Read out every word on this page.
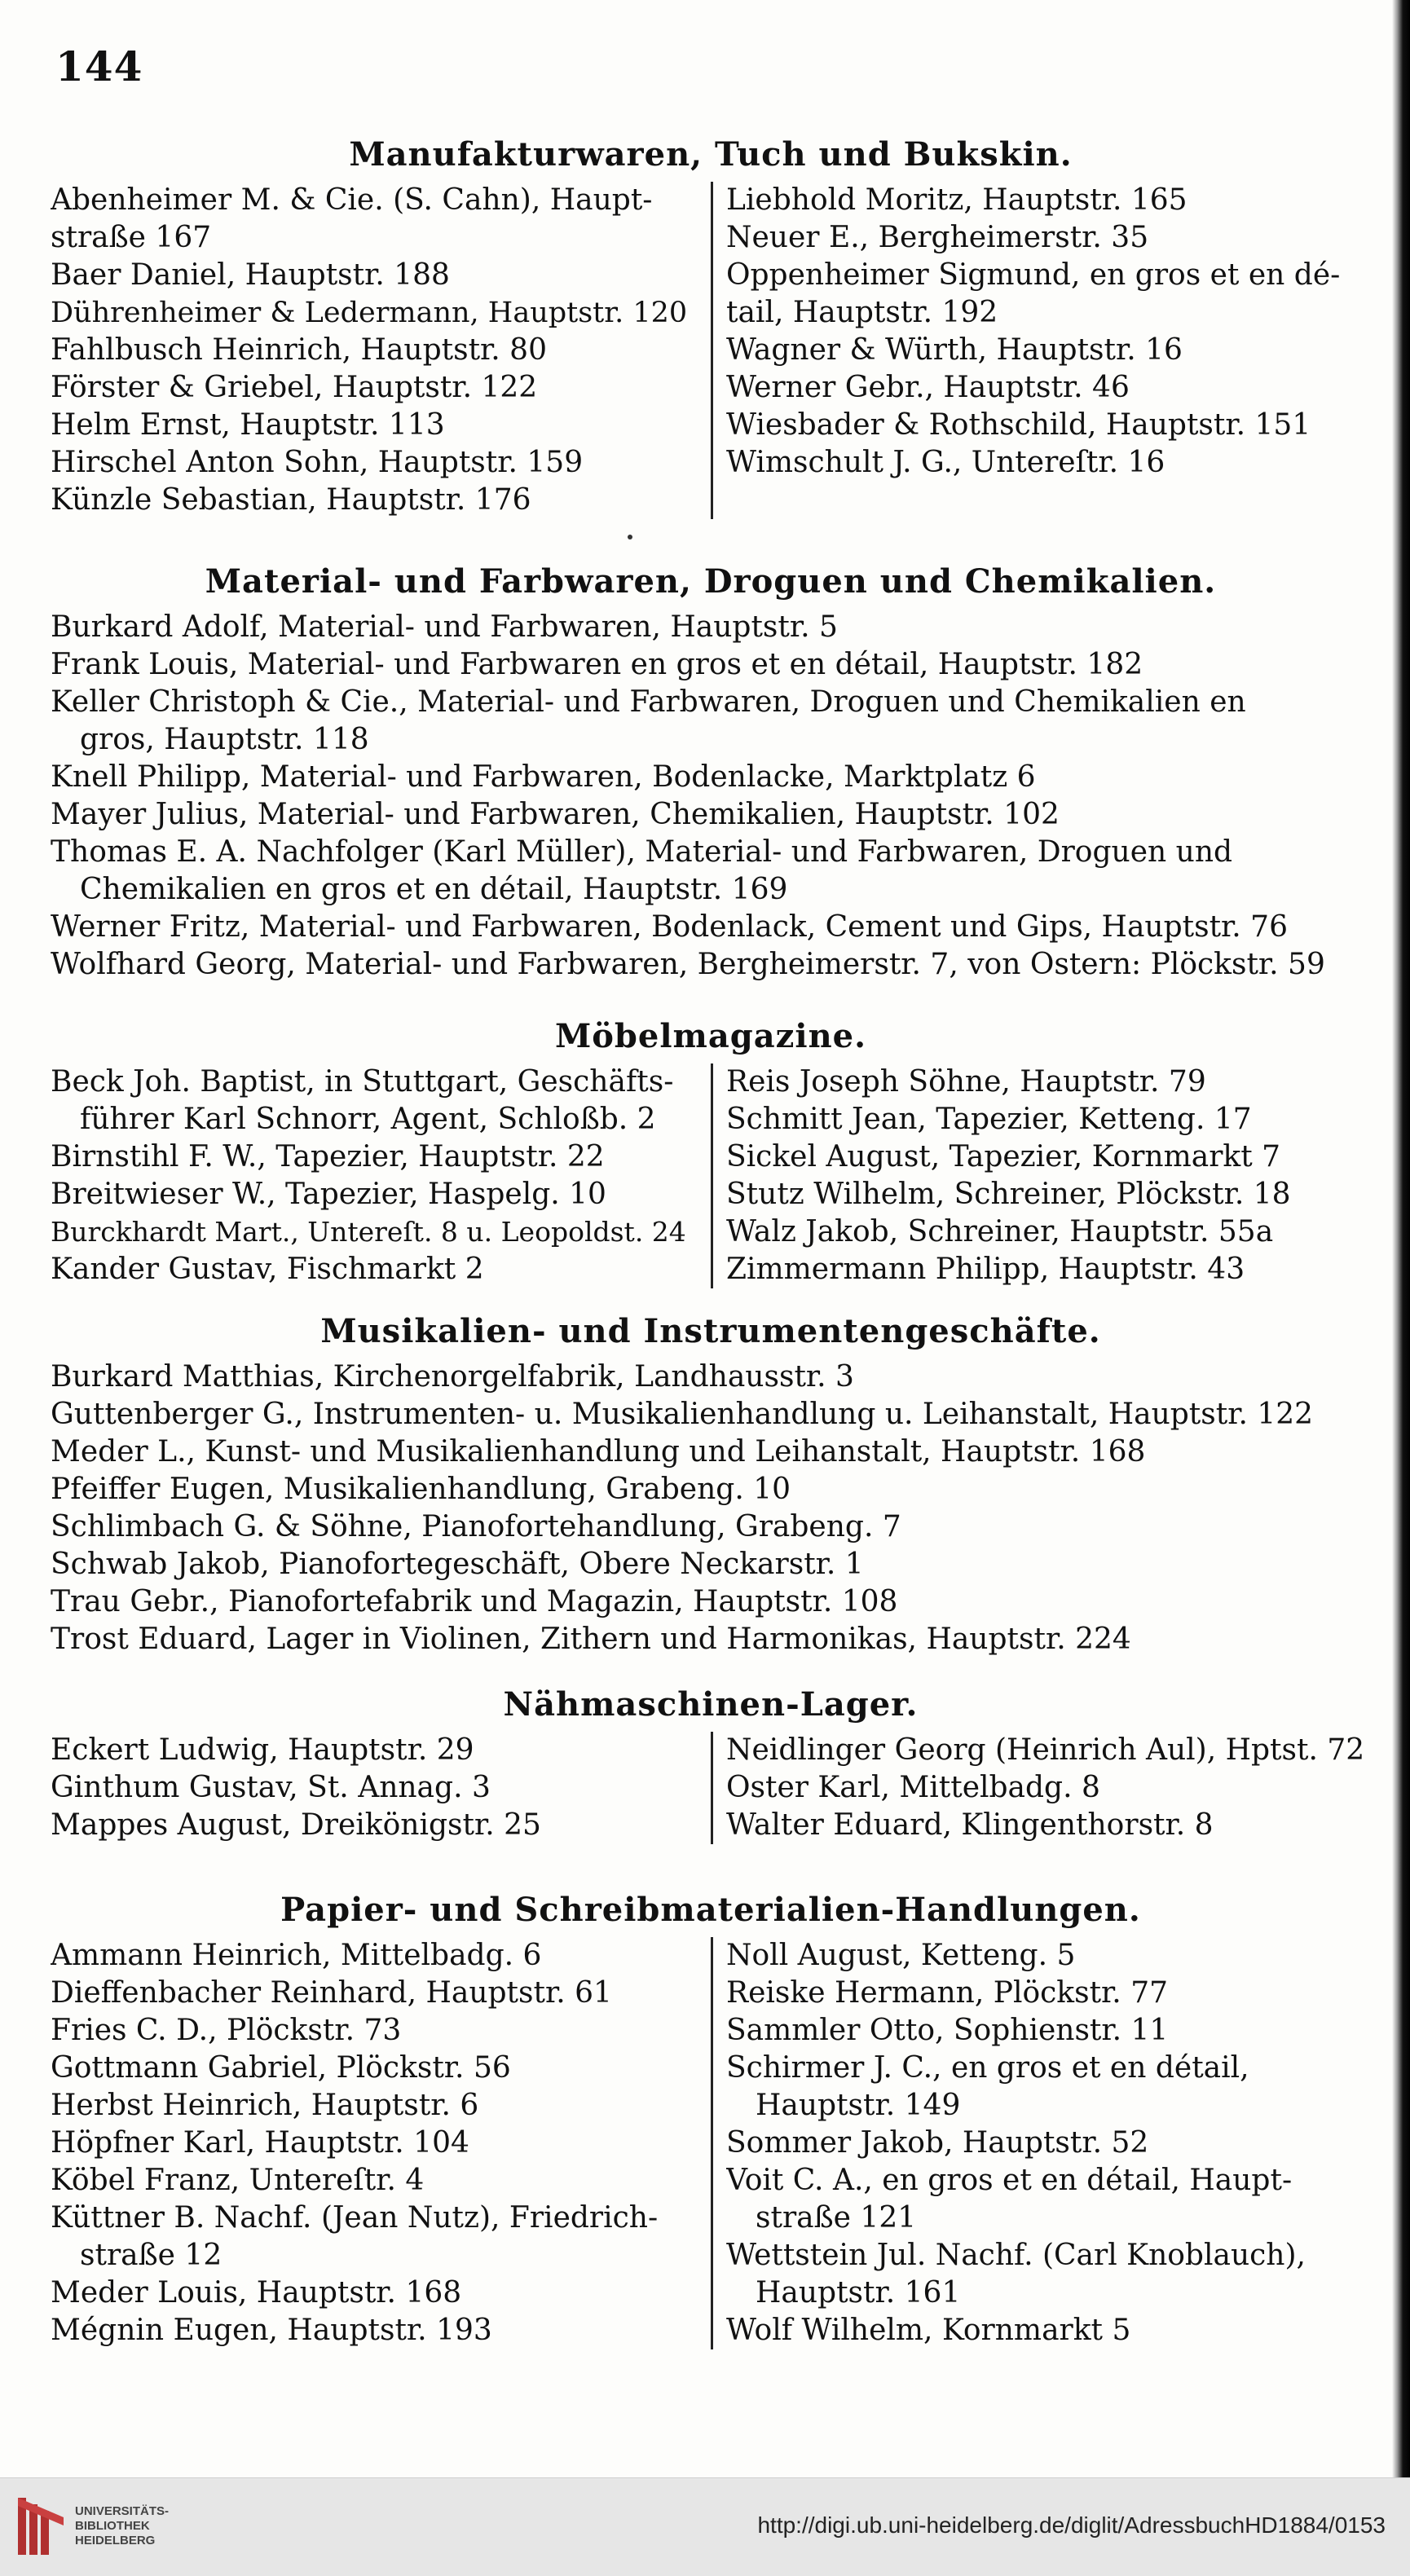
144
Manufakturwaren, Tuch und Bukskin.
Abenheimer M. & Cie. (S. Cahn), Haupt-
straße 167
Baer Daniel, Hauptstr. 188
Dührenheimer & Ledermann, Hauptstr. 120
Fahlbusch Heinrich, Hauptstr. 80
Förster & Griebel, Hauptstr. 122
Helm Ernst, Hauptstr. 113
Hirschel Anton Sohn, Hauptstr. 159
Künzle Sebastian, Hauptstr. 176
Liebhold Moritz, Hauptstr. 165
Neuer E., Bergheimerstr. 35
Oppenheimer Sigmund, en gros et en dé-
tail, Hauptstr. 192
Wagner & Würth, Hauptstr. 16
Werner Gebr., Hauptstr. 46
Wiesbader & Rothschild, Hauptstr. 151
Wimschult J. G., Untereſtr. 16
Material- und Farbwaren, Droguen und Chemikalien.
Burkard Adolf, Material- und Farbwaren, Hauptstr. 5
Frank Louis, Material- und Farbwaren en gros et en détail, Hauptstr. 182
Keller Christoph & Cie., Material- und Farbwaren, Droguen und Chemikalien en
gros, Hauptstr. 118
Knell Philipp, Material- und Farbwaren, Bodenlacke, Marktplatz 6
Mayer Julius, Material- und Farbwaren, Chemikalien, Hauptstr. 102
Thomas E. A. Nachfolger (Karl Müller), Material- und Farbwaren, Droguen und
Chemikalien en gros et en détail, Hauptstr. 169
Werner Fritz, Material- und Farbwaren, Bodenlack, Cement und Gips, Hauptstr. 76
Wolfhard Georg, Material- und Farbwaren, Bergheimerstr. 7, von Ostern: Plöckstr. 59
Möbelmagazine.
Beck Joh. Baptist, in Stuttgart, Geschäfts-
führer Karl Schnorr, Agent, Schloßb. 2
Birnstihl F. W., Tapezier, Hauptstr. 22
Breitwieser W., Tapezier, Haspelg. 10
Burckhardt Mart., Untereſt. 8 u. Leopoldst. 24
Kander Gustav, Fischmarkt 2
Reis Joseph Söhne, Hauptstr. 79
Schmitt Jean, Tapezier, Ketteng. 17
Sickel August, Tapezier, Kornmarkt 7
Stutz Wilhelm, Schreiner, Plöckstr. 18
Walz Jakob, Schreiner, Hauptstr. 55a
Zimmermann Philipp, Hauptstr. 43
Musikalien- und Instrumentengeschäfte.
Burkard Matthias, Kirchenorgelfabrik, Landhausstr. 3
Guttenberger G., Instrumenten- u. Musikalienhandlung u. Leihanstalt, Hauptstr. 122
Meder L., Kunst- und Musikalienhandlung und Leihanstalt, Hauptstr. 168
Pfeiffer Eugen, Musikalienhandlung, Grabeng. 10
Schlimbach G. & Söhne, Pianofortehandlung, Grabeng. 7
Schwab Jakob, Pianofortegeschäft, Obere Neckarstr. 1
Trau Gebr., Pianofortefabrik und Magazin, Hauptstr. 108
Trost Eduard, Lager in Violinen, Zithern und Harmonikas, Hauptstr. 224
Nähmaschinen-Lager.
Eckert Ludwig, Hauptstr. 29
Ginthum Gustav, St. Annag. 3
Mappes August, Dreikönigstr. 25
Neidlinger Georg (Heinrich Aul), Hptst. 72
Oster Karl, Mittelbadg. 8
Walter Eduard, Klingenthorstr. 8
Papier- und Schreibmaterialien-Handlungen.
Ammann Heinrich, Mittelbadg. 6
Dieffenbacher Reinhard, Hauptstr. 61
Fries C. D., Plöckstr. 73
Gottmann Gabriel, Plöckstr. 56
Herbst Heinrich, Hauptstr. 6
Höpfner Karl, Hauptstr. 104
Köbel Franz, Untereſtr. 4
Küttner B. Nachf. (Jean Nutz), Friedrich-
straße 12
Meder Louis, Hauptstr. 168
Mégnin Eugen, Hauptstr. 193
Noll August, Ketteng. 5
Reiske Hermann, Plöckstr. 77
Sammler Otto, Sophienstr. 11
Schirmer J. C., en gros et en détail,
Hauptstr. 149
Sommer Jakob, Hauptstr. 52
Voit C. A., en gros et en détail, Haupt-
straße 121
Wettstein Jul. Nachf. (Carl Knoblauch),
Hauptstr. 161
Wolf Wilhelm, Kornmarkt 5
UNIVERSITÄTS-
BIBLIOTHEK
HEIDELBERG
http://digi.ub.uni-heidelberg.de/diglit/AdressbuchHD1884/0153
